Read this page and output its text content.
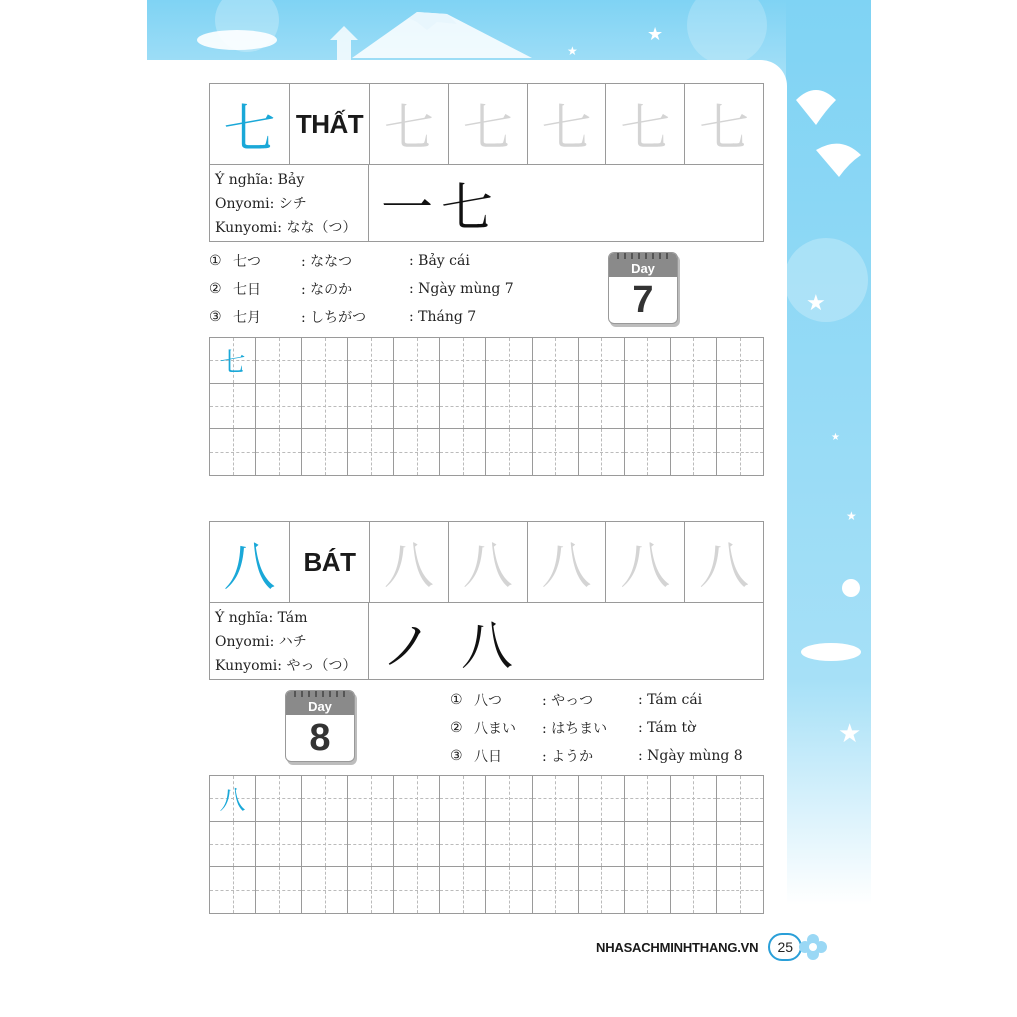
★
★
★
★
★
★
七 THẤT 七 七 七 七 七
Ý nghĩa: Bảy
Onyomi: シチ
Kunyomi: なな（つ） 一七
① 七つ	: ななつ	: Bảy cái
② 七日	: なのか	: Ngày mùng 7
③ 七月	: しちがつ	: Tháng 7
Day
7
七
八	BÁT 八 八 八 八 八
Ý nghĩa: Tám
Onyomi: ハチ
Kunyomi: やっ（つ） ノ八
Day
8
① 八つ	: やっつ	: Tám cái
② 八まい	: はちまい	: Tám tờ
③ 八日	: ようか	: Ngày mùng 8
八
NHASACHMINHTHANG.VN	25
